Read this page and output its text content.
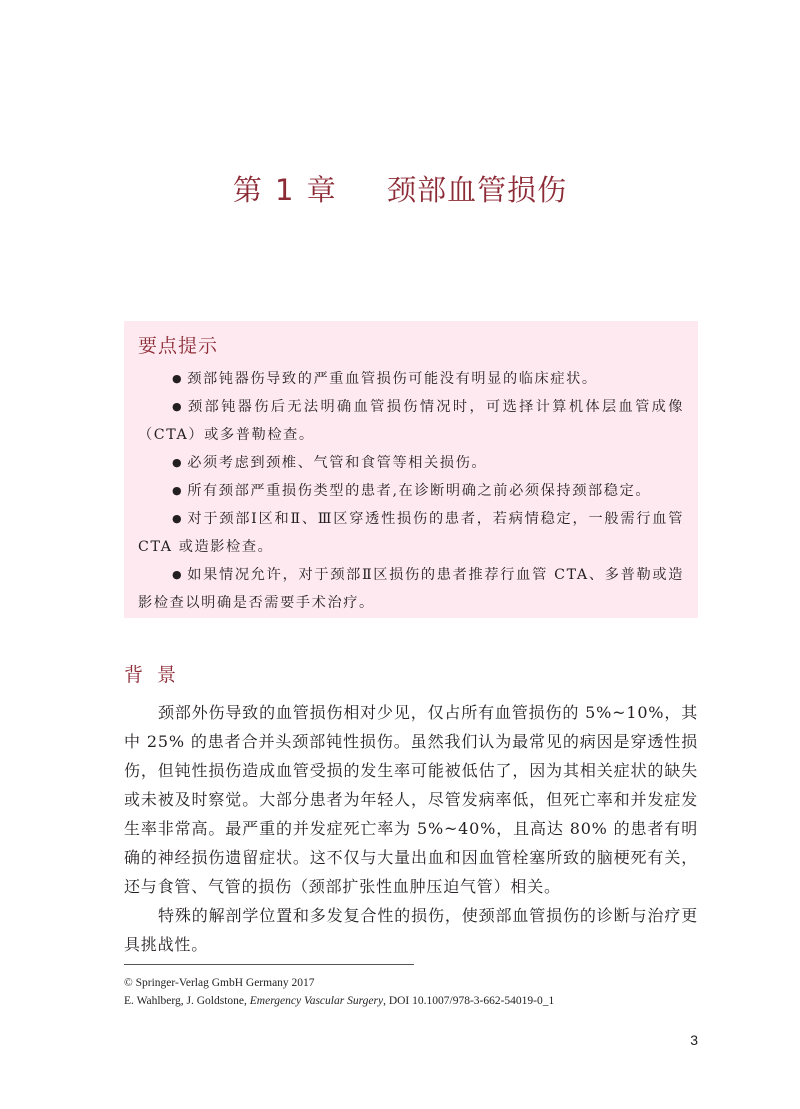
第 1 章 颈部血管损伤
要点提示
● 颈部钝器伤导致的严重血管损伤可能没有明显的临床症状。
● 颈部钝器伤后无法明确血管损伤情况时，可选择计算机体层血管成像（CTA）或多普勒检查。
● 必须考虑到颈椎、气管和食管等相关损伤。
● 所有颈部严重损伤类型的患者,在诊断明确之前必须保持颈部稳定。
● 对于颈部Ⅰ区和Ⅱ、Ⅲ区穿透性损伤的患者，若病情稳定，一般需行血管 CTA 或造影检查。
● 如果情况允许，对于颈部Ⅱ区损伤的患者推荐行血管 CTA、多普勒或造影检查以明确是否需要手术治疗。
背景

颈部外伤导致的血管损伤相对少见，仅占所有血管损伤的 5%~10%，其中 25% 的患者合并头颈部钝性损伤。虽然我们认为最常见的病因是穿透性损伤，但钝性损伤造成血管受损的发生率可能被低估了，因为其相关症状的缺失或未被及时察觉。大部分患者为年轻人，尽管发病率低，但死亡率和并发症发生率非常高。最严重的并发症死亡率为 5%~40%，且高达 80% 的患者有明确的神经损伤遗留症状。这不仅与大量出血和因血管栓塞所致的脑梗死有关，还与食管、气管的损伤（颈部扩张性血肿压迫气管）相关。

特殊的解剖学位置和多发复合性的损伤，使颈部血管损伤的诊断与治疗更具挑战性。

© Springer-Verlag GmbH Germany 2017
E. Wahlberg, J. Goldstone, Emergency Vascular Surgery, DOI 10.1007/978-3-662-54019-0_1
3
